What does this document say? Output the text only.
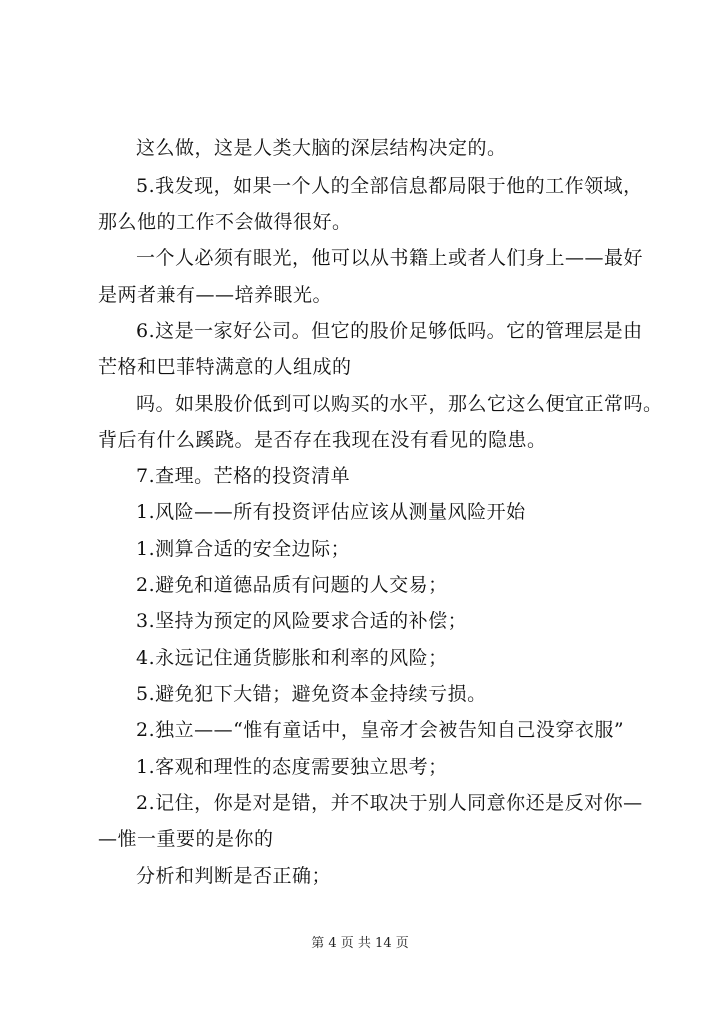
这么做，这是人类大脑的深层结构决定的。
5.我发现，如果一个人的全部信息都局限于他的工作领域，
那么他的工作不会做得很好。
一个人必须有眼光，他可以从书籍上或者人们身上——最好
是两者兼有——培养眼光。
6.这是一家好公司。但它的股价足够低吗。它的管理层是由
芒格和巴菲特满意的人组成的
吗。如果股价低到可以购买的水平，那么它这么便宜正常吗。
背后有什么蹊跷。是否存在我现在没有看见的隐患。
7.查理。芒格的投资清单
1.风险——所有投资评估应该从测量风险开始
1.测算合适的安全边际；
2.避免和道德品质有问题的人交易；
3.坚持为预定的风险要求合适的补偿；
4.永远记住通货膨胀和利率的风险；
5.避免犯下大错；避免资本金持续亏损。
2.独立——“惟有童话中，皇帝才会被告知自己没穿衣服”
1.客观和理性的态度需要独立思考；
2.记住，你是对是错，并不取决于别人同意你还是反对你—
—惟一重要的是你的
分析和判断是否正确；
第 4 页 共 14 页
